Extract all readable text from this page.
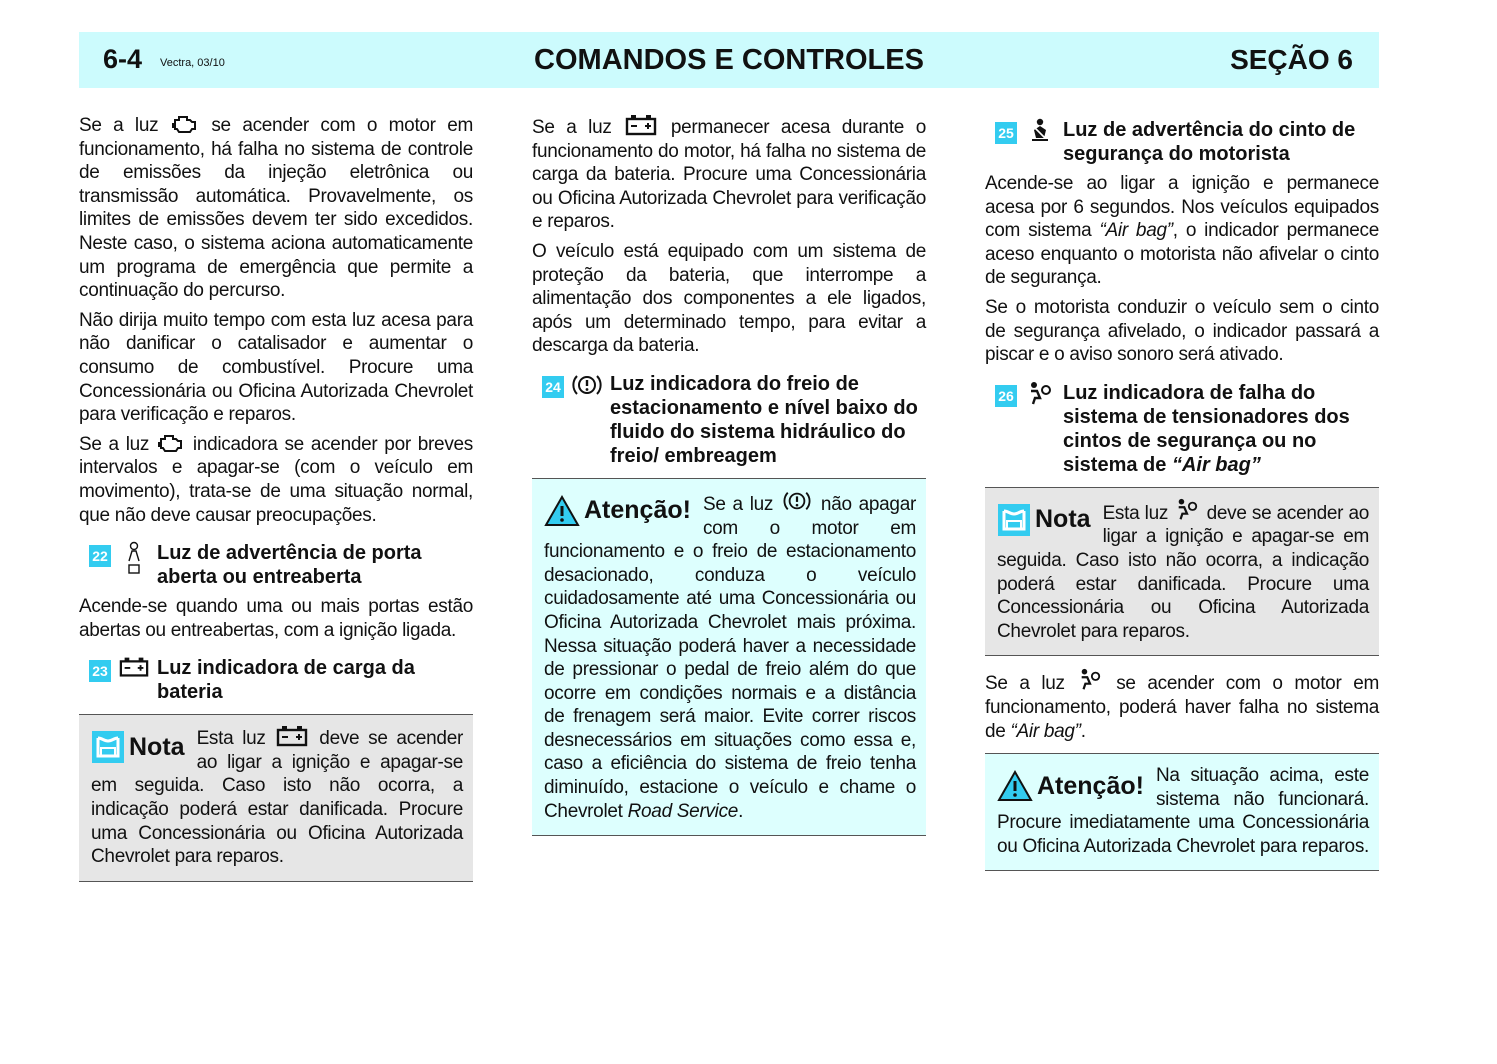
6-4 Vectra, 03/10	COMANDOS E CONTROLES	SEÇÃO 6

Se a luz	se acender com o motor em funcionamento, há falha no sistema de controle de emissões da injeção eletrônica ou transmissão automática. Provavelmente, os limites de emissões devem ter sido excedidos. Neste caso, o sistema aciona automaticamente um programa de emergência que permite a continuação do percurso.

Não dirija muito tempo com esta luz acesa para não danificar o catalisador e aumentar o consumo de combustível. Procure uma Concessionária ou Oficina Autorizada Chevrolet para verificação e reparos.

Se a luz indicadora se acender por breves intervalos e apagar-se (com o veículo em movimento), trata-se de uma situação normal, que não deve causar preocupações.

22 Luz de advertência de porta aberta ou entreaberta

Acende-se quando uma ou mais portas estão abertas ou entreabertas, com a ignição ligada.

23 Luz indicadora de carga da bateria
Nota Esta luz	deve se acender ao ligar a ignição e apagar-se em seguida. Caso isto não ocorra, a indicação poderá estar danificada. Procure uma Concessionária ou Oficina Autorizada Chevrolet para reparos.

Se a luz	permanecer acesa durante o funcionamento do motor, há falha no sistema de carga da bateria. Procure uma Concessionária ou Oficina Autorizada Chevrolet para verificação e reparos.

O veículo está equipado com um sistema de proteção da bateria, que interrompe a alimentação dos componentes a ele ligados, após um determinado tempo, para evitar a descarga da bateria.

24 Luz indicadora do freio de estacionamento e nível baixo do fluido do sistema hidráulico do freio/ embreagem
Atenção! Se a luz	não apagar com o motor em funcionamento e o freio de estacionamento desacionado, conduza o veículo cuidadosamente até uma Concessionária ou Oficina Autorizada Chevrolet mais próxima. Nessa situação poderá haver a necessidade de pressionar o pedal de freio além do que ocorre em condições normais e a distância de frenagem será maior. Evite correr riscos desnecessários em situações como essa e, caso a eficiência do sistema de freio tenha diminuído, estacione o veículo e chame o Chevrolet Road Service.

25 Luz de advertência do cinto de segurança do motorista

Acende-se ao ligar a ignição e permanece acesa por 6 segundos. Nos veículos equipados com sistema “Air bag”, o indicador permanece aceso enquanto o motorista não afivelar o cinto de segurança.

Se o motorista conduzir o veículo sem o cinto de segurança afivelado, o indicador passará a piscar e o aviso sonoro será ativado.

26 Luz indicadora de falha do sistema de tensionadores dos cintos de segurança ou no sistema de “Air bag”
Nota Esta luz deve se acender ao ligar a ignição e apagar-se em seguida. Caso isto não ocorra, a indicação poderá estar danificada. Procure uma Concessionária ou Oficina Autorizada Chevrolet para reparos.

Se a luz	se acender com o motor em funcionamento, poderá haver falha no sistema de “Air bag”.

Atenção! Na situação acima, este sistema não funcionará. Procure imediatamente uma Concessionária ou Oficina Autorizada Chevrolet para reparos.
